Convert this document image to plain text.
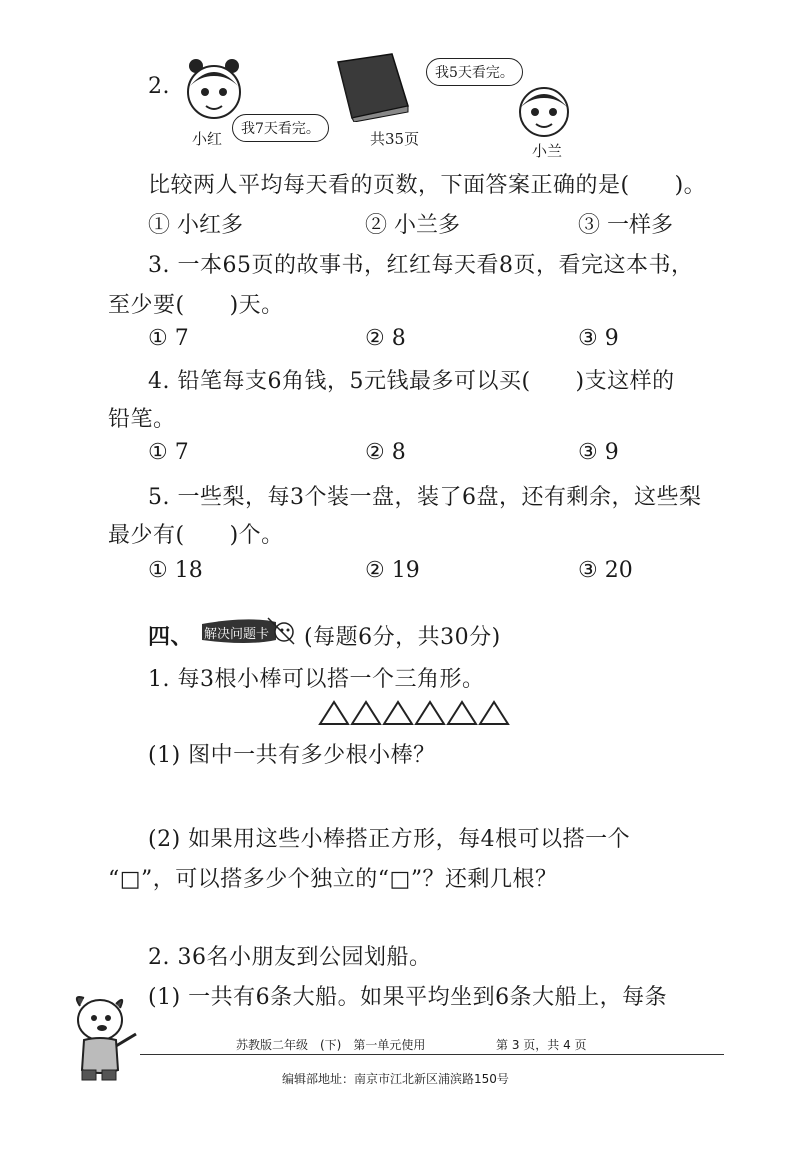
2.
小红
我7天看完。
共35页
我5天看完。
小兰
比较两人平均每天看的页数，下面答案正确的是(　　)。
① 小红多	② 小兰多	③ 一样多
3. 一本65页的故事书，红红每天看8页，看完这本书，
至少要(　　)天。
① 7	② 8	③ 9
4. 铅笔每支6角钱，5元钱最多可以买(　　)支这样的
铅笔。
① 7	② 8	③ 9
5. 一些梨，每3个装一盘，装了6盘，还有剩余，这些梨
最少有(　　)个。
① 18	② 19	③ 20
四、 解决问题卡 (每题6分，共30分)
1. 每3根小棒可以搭一个三角形。
(1) 图中一共有多少根小棒？
(2) 如果用这些小棒搭正方形，每4根可以搭一个
“□”，可以搭多少个独立的“□”？还剩几根？
2. 36名小朋友到公园划船。
(1) 一共有6条大船。如果平均坐到6条大船上，每条
苏教版二年级　(下)　第一单元使用	第 3 页，共 4 页
编辑部地址：南京市江北新区浦滨路150号
